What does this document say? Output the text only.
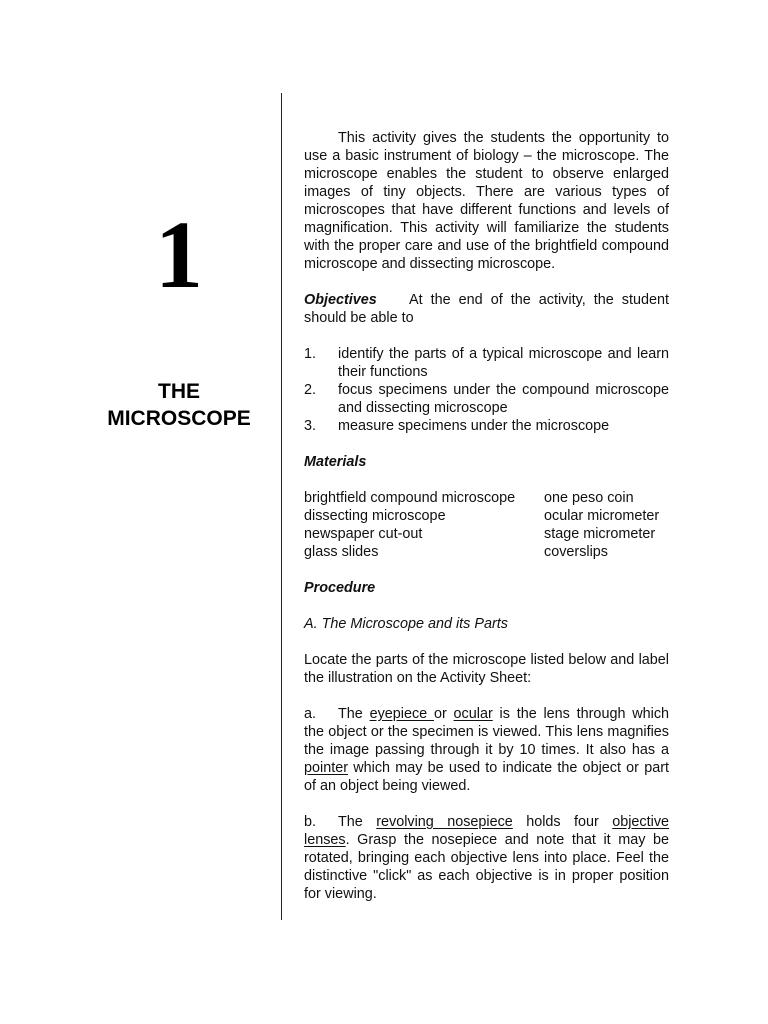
1
THE
MICROSCOPE

This activity gives the students the opportunity to use a basic instrument of biology – the microscope. The microscope enables the student to observe enlarged images of tiny objects. There are various types of microscopes that have different functions and levels of magnification. This activity will familiarize the students with the proper care and use of the brightfield compound microscope and dissecting microscope.

Objectives At the end of the activity, the student should be able to

1. identify the parts of a typical microscope and learn their functions
2. focus specimens under the compound microscope and dissecting microscope
3. measure specimens under the microscope

Materials

brightfield compound microscope	one peso coin
dissecting microscope	ocular micrometer
newspaper cut-out	stage micrometer
glass slides	coverslips

Procedure

A. The Microscope and its Parts

Locate the parts of the microscope listed below and label the illustration on the Activity Sheet:

a. The eyepiece or ocular is the lens through which the object or the specimen is viewed. This lens magnifies the image passing through it by 10 times. It also has a pointer which may be used to indicate the object or part of an object being viewed.

b. The revolving nosepiece holds four objective lenses. Grasp the nosepiece and note that it may be rotated, bringing each objective lens into place. Feel the distinctive "click" as each objective is in proper position for viewing.
